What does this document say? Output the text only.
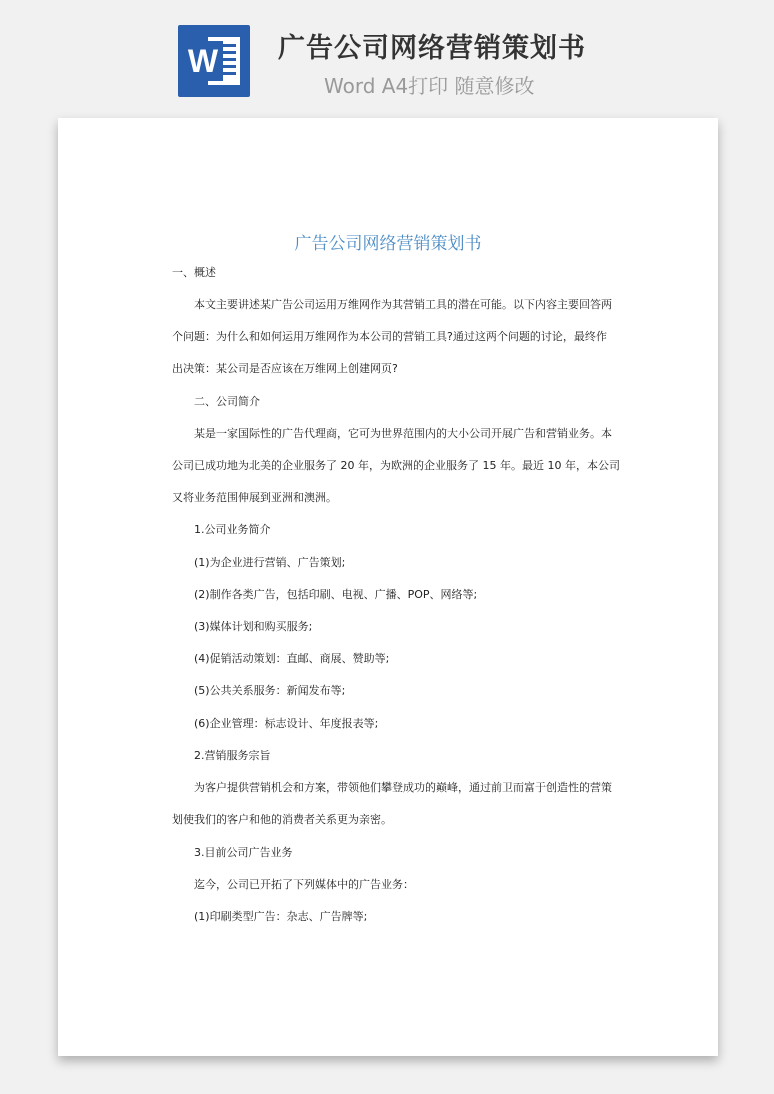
W 广告公司网络营销策划书
Word A4打印 随意修改
广告公司网络营销策划书
一、概述
本文主要讲述某广告公司运用万维网作为其营销工具的潜在可能。以下内容主要回答两
个问题：为什么和如何运用万维网作为本公司的营销工具?通过这两个问题的讨论，最终作
出决策：某公司是否应该在万维网上创建网页?
二、公司简介
某是一家国际性的广告代理商，它可为世界范围内的大小公司开展广告和营销业务。本
公司已成功地为北美的企业服务了 20 年，为欧洲的企业服务了 15 年。最近 10 年，本公司
又将业务范围伸展到亚洲和澳洲。
1.公司业务简介
(1)为企业进行营销、广告策划;
(2)制作各类广告，包括印刷、电视、广播、POP、网络等;
(3)媒体计划和购买服务;
(4)促销活动策划：直邮、商展、赞助等;
(5)公共关系服务：新闻发布等;
(6)企业管理：标志设计、年度报表等;
2.营销服务宗旨
为客户提供营销机会和方案，带领他们攀登成功的巅峰，通过前卫而富于创造性的营策
划使我们的客户和他的消费者关系更为亲密。
3.目前公司广告业务
迄今，公司已开拓了下列媒体中的广告业务：
(1)印刷类型广告：杂志、广告牌等;
